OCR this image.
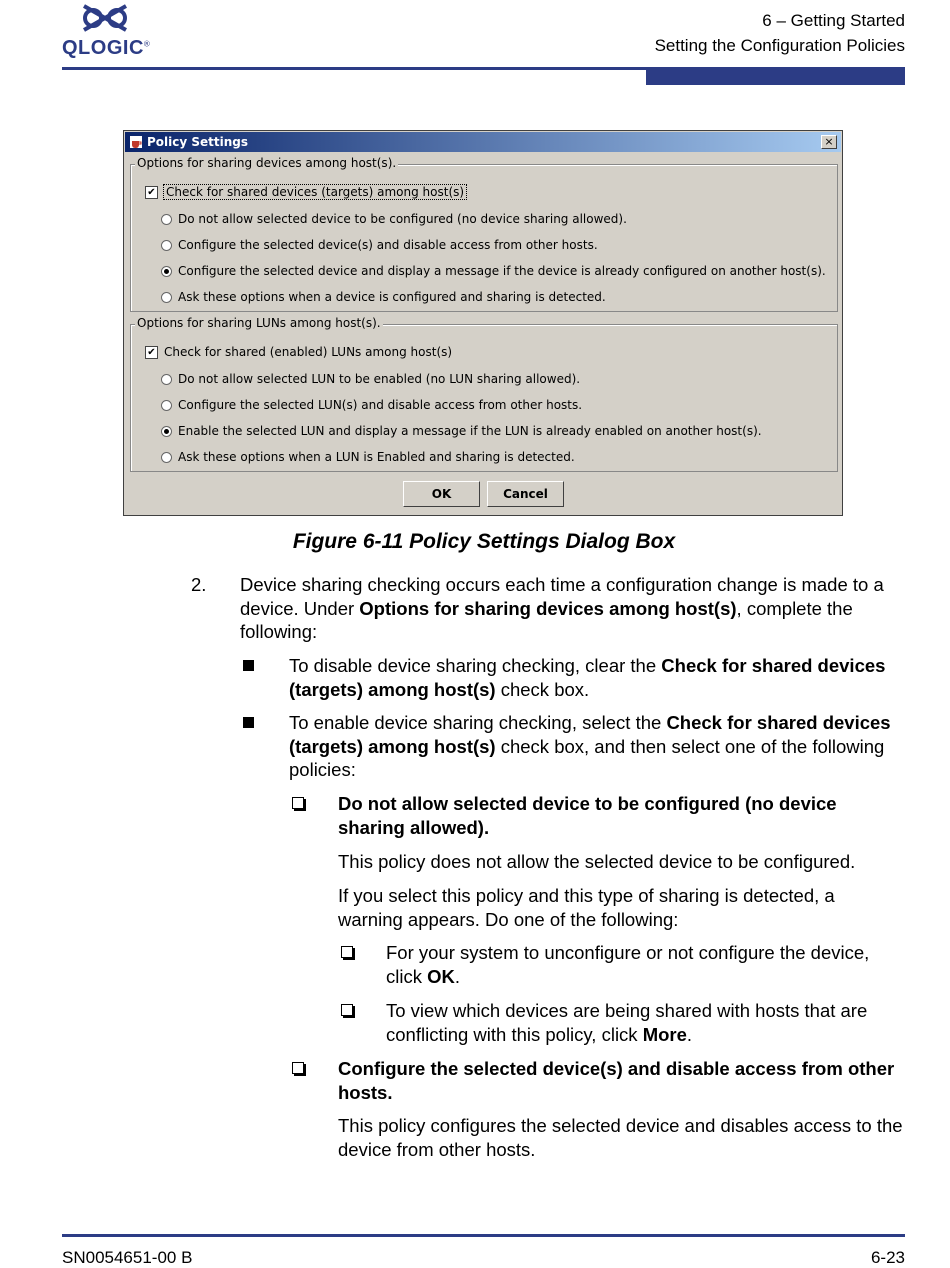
QLOGIC®
6 – Getting Started
Setting the Configuration Policies
Policy Settings	×
Options for sharing devices among host(s).
✔ Check for shared devices (targets) among host(s)
Do not allow selected device to be configured (no device sharing allowed).
Configure the selected device(s) and disable access from other hosts.
Configure the selected device and display a message if the device is already configured on another host(s).
Ask these options when a device is configured and sharing is detected.
Options for sharing LUNs among host(s).
✔ Check for shared (enabled) LUNs among host(s)
Do not allow selected LUN to be enabled (no LUN sharing allowed).
Configure the selected LUN(s) and disable access from other hosts.
Enable the selected LUN and display a message if the LUN is already enabled on another host(s).
Ask these options when a LUN is Enabled and sharing is detected.
OK	Cancel
Figure 6-11 Policy Settings Dialog Box
2. Device sharing checking occurs each time a configuration change is made to a device. Under Options for sharing devices among host(s), complete the following:
To disable device sharing checking, clear the Check for shared devices (targets) among host(s) check box.
To enable device sharing checking, select the Check for shared devices (targets) among host(s) check box, and then select one of the following policies:
Do not allow selected device to be configured (no device sharing allowed).
This policy does not allow the selected device to be configured.
If you select this policy and this type of sharing is detected, a warning appears. Do one of the following:
For your system to unconfigure or not configure the device, click OK.
To view which devices are being shared with hosts that are conflicting with this policy, click More.
Configure the selected device(s) and disable access from other hosts.
This policy configures the selected device and disables access to the device from other hosts.
SN0054651-00 B	6-23
